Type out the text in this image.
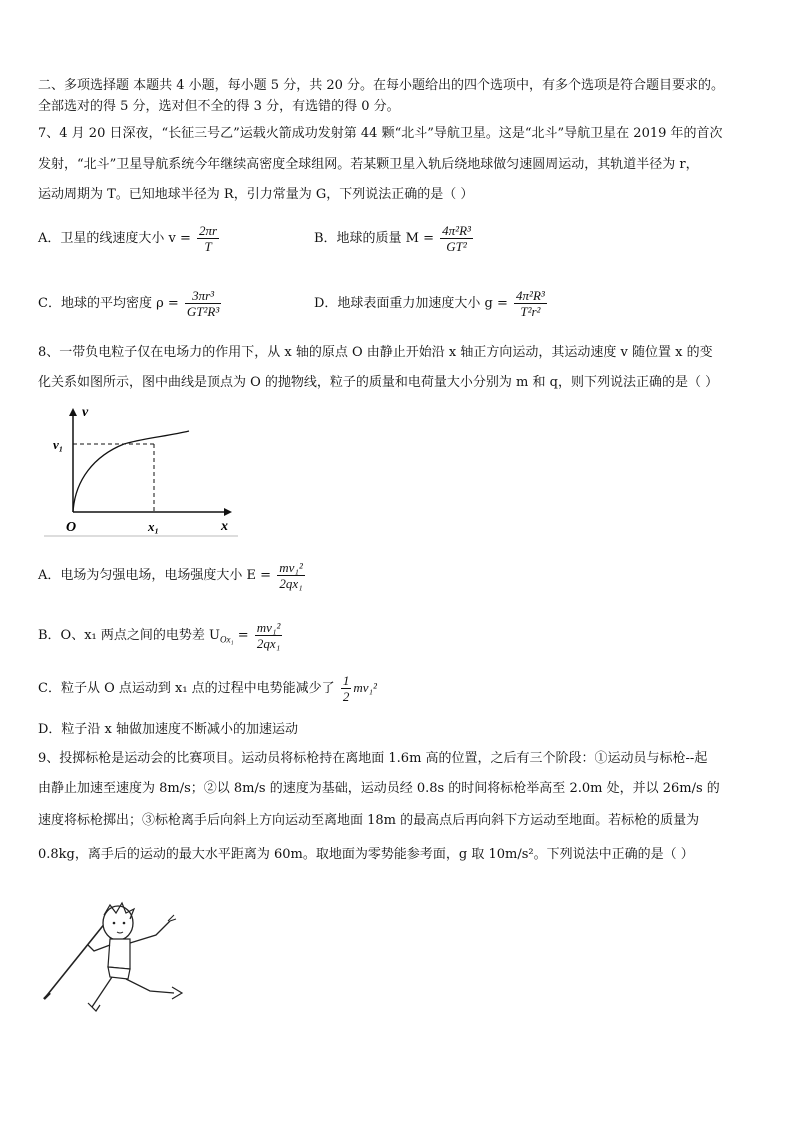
二、多项选择题 本题共 4 小题，每小题 5 分，共 20 分。在每小题给出的四个选项中，有多个选项是符合题目要求的。
全部选对的得 5 分，选对但不全的得 3 分，有选错的得 0 分。
7、4 月 20 日深夜，“长征三号乙”运载火箭成功发射第 44 颗“北斗”导航卫星。这是“北斗”导航卫星在 2019 年的首次
发射，“北斗”卫星导航系统今年继续高密度全球组网。若某颗卫星入轨后绕地球做匀速圆周运动，其轨道半径为 r，
运动周期为 T。已知地球半径为 R，引力常量为 G，下列说法正确的是（ ）
A．卫星的线速度大小 $v = \frac{2\pi r}{T}$	B．地球的质量 $M = \frac{\text{4π²R³}}{\text{GT²}}$
C．地球的平均密度 $\rho = \frac{\text{3πr³}}{\text{GT²R³}}$	D．地球表面重力加速度大小 $g = \frac{\text{4π²R³}}{\text{T²r²}}$
8、一带负电粒子仅在电场力的作用下，从 x 轴的原点 O 由静止开始沿 x 轴正方向运动，其运动速度 v 随位置 x 的变
化关系如图所示，图中曲线是顶点为 O 的抛物线，粒子的质量和电荷量大小分别为 m 和 q，则下列说法正确的是（ ）
v
x
O
v₁
x₁
A．电场为匀强电场，电场强度大小 $E = \frac{\text{mv₁²}}{\text{2qx₁}}$
B．O、x₁ 两点之间的电势差 $U_{Ox_1} = \frac{\text{mv₁²}}{\text{2qx₁}}$
C．粒子从 O 点运动到 x₁ 点的过程中电势能减少了 $\frac{1}{2} mv_1^2$
D．粒子沿 x 轴做加速度不断减小的加速运动
9、投掷标枪是运动会的比赛项目。运动员将标枪持在离地面 1.6m 高的位置，之后有三个阶段：①运动员与标枪--起
由静止加速至速度为 8m/s；②以 8m/s 的速度为基础，运动员经 0.8s 的时间将标枪举高至 2.0m 处，并以 26m/s 的
速度将标枪掷出；③标枪离手后向斜上方向运动至离地面 18m 的最高点后再向斜下方运动至地面。若标枪的质量为
0.8kg，离手后的运动的最大水平距离为 60m。取地面为零势能参考面，g 取 10m/s²。下列说法中正确的是（ ）
